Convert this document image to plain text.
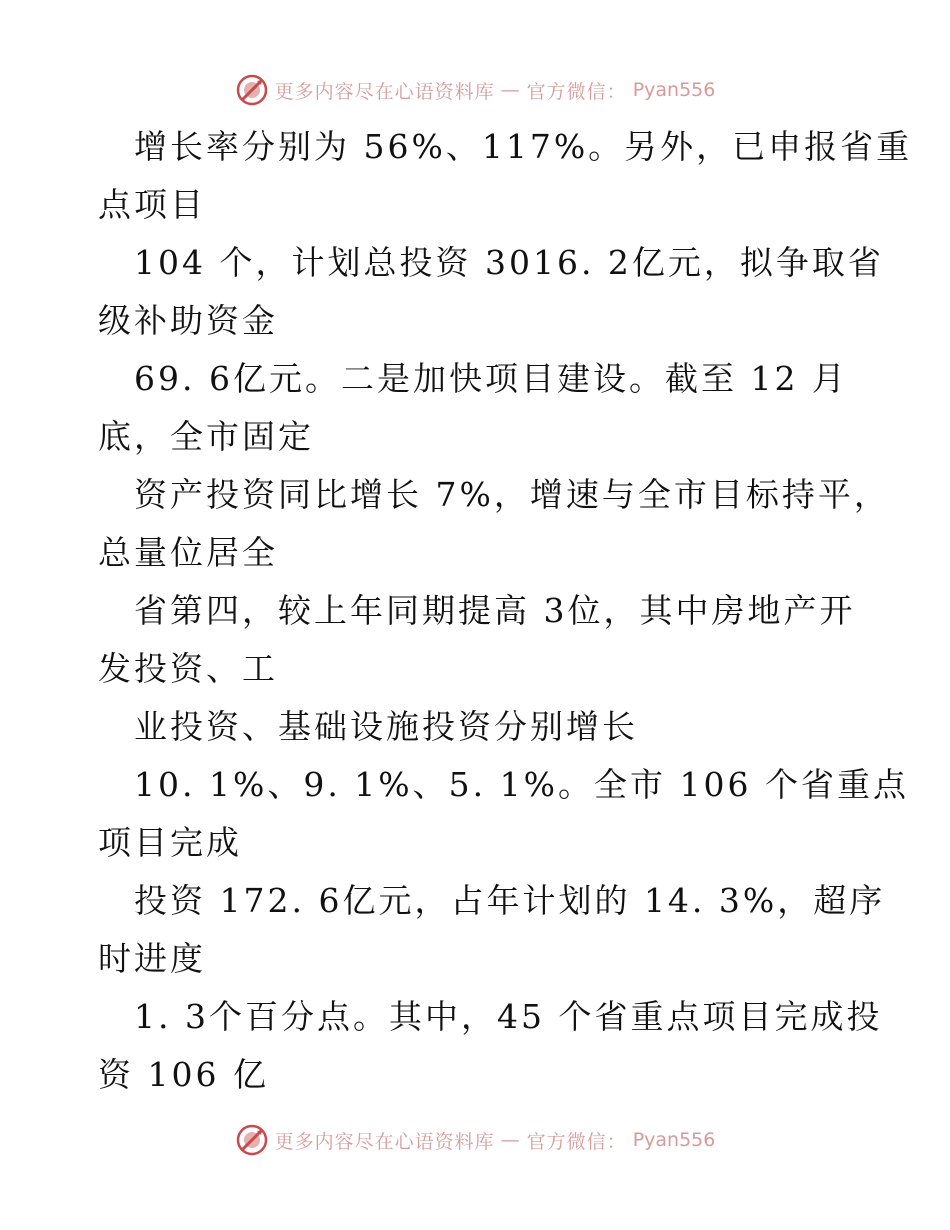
更多内容尽在心语资料库 — 官方微信： Pyan556
增长率分别为 56%、117%。另外，已申报省重
点项目
104 个，计划总投资 3016. 2亿元，拟争取省
级补助资金
69. 6亿元。二是加快项目建设。截至 12 月
底，全市固定
资产投资同比增长 7%，增速与全市目标持平，
总量位居全
省第四，较上年同期提高 3位，其中房地产开
发投资、工
业投资、基础设施投资分别增长
10. 1%、9. 1%、5. 1%。全市 106 个省重点
项目完成
投资 172. 6亿元，占年计划的 14. 3%，超序
时进度
1. 3个百分点。其中，45 个省重点项目完成投
资 106 亿
更多内容尽在心语资料库 — 官方微信： Pyan556
